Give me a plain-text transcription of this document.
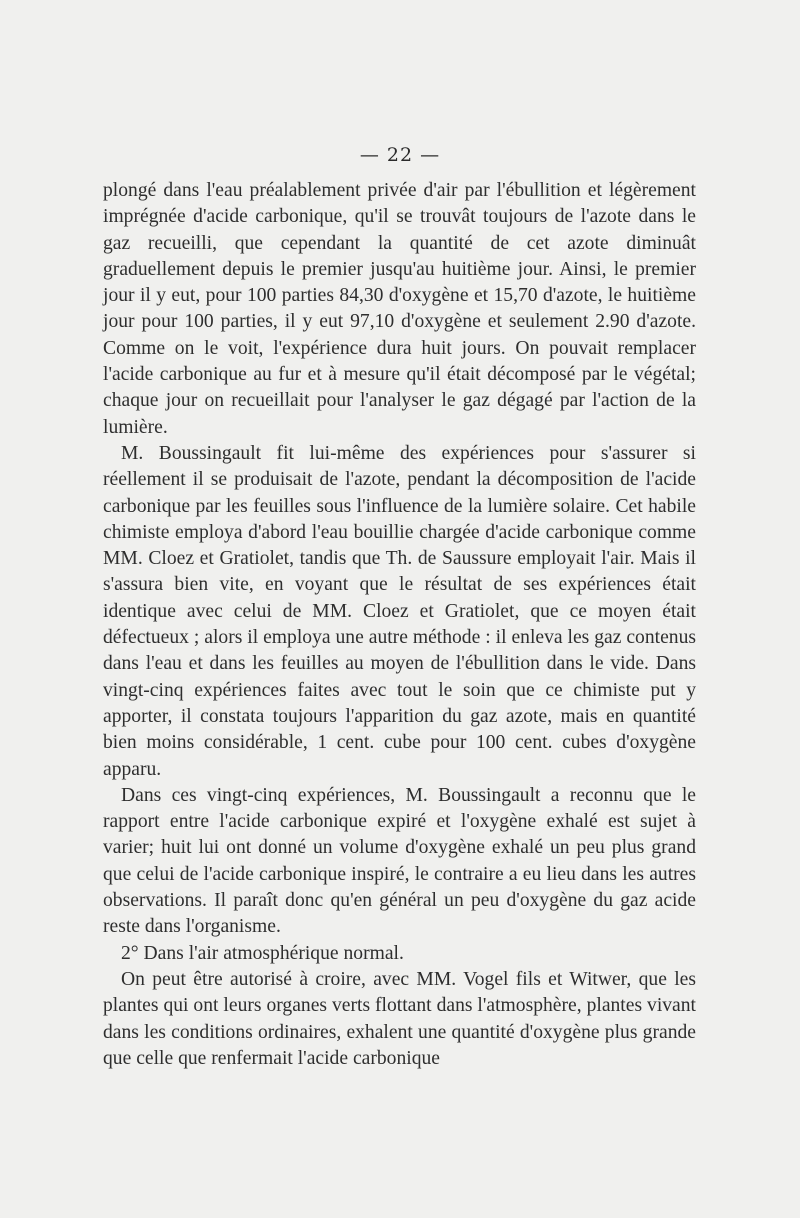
— 22 —

plongé dans l'eau préalablement privée d'air par l'ébullition et légèrement imprégnée d'acide carbonique, qu'il se trouvât toujours de l'azote dans le gaz recueilli, que cependant la quantité de cet azote diminuât graduellement depuis le premier jusqu'au huitième jour. Ainsi, le premier jour il y eut, pour 100 parties 84,30 d'oxygène et 15,70 d'azote, le huitième jour pour 100 parties, il y eut 97,10 d'oxygène et seulement 2.90 d'azote. Comme on le voit, l'expérience dura huit jours. On pouvait remplacer l'acide carbonique au fur et à mesure qu'il était décomposé par le végétal; chaque jour on recueillait pour l'analyser le gaz dégagé par l'action de la lumière.

M. Boussingault fit lui-même des expériences pour s'assurer si réellement il se produisait de l'azote, pendant la décomposition de l'acide carbonique par les feuilles sous l'influence de la lumière solaire. Cet habile chimiste employa d'abord l'eau bouillie chargée d'acide carbonique comme MM. Cloez et Gratiolet, tandis que Th. de Saussure employait l'air. Mais il s'assura bien vite, en voyant que le résultat de ses expériences était identique avec celui de MM. Cloez et Gratiolet, que ce moyen était défectueux ; alors il employa une autre méthode : il enleva les gaz contenus dans l'eau et dans les feuilles au moyen de l'ébullition dans le vide. Dans vingt-cinq expériences faites avec tout le soin que ce chimiste put y apporter, il constata toujours l'apparition du gaz azote, mais en quantité bien moins considérable, 1 cent. cube pour 100 cent. cubes d'oxygène apparu.

Dans ces vingt-cinq expériences, M. Boussingault a reconnu que le rapport entre l'acide carbonique expiré et l'oxygène exhalé est sujet à varier; huit lui ont donné un volume d'oxygène exhalé un peu plus grand que celui de l'acide carbonique inspiré, le contraire a eu lieu dans les autres observations. Il paraît donc qu'en général un peu d'oxygène du gaz acide reste dans l'organisme.

2° Dans l'air atmosphérique normal.

On peut être autorisé à croire, avec MM. Vogel fils et Witwer, que les plantes qui ont leurs organes verts flottant dans l'atmosphère, plantes vivant dans les conditions ordinaires, exhalent une quantité d'oxygène plus grande que celle que renfermait l'acide carbonique
